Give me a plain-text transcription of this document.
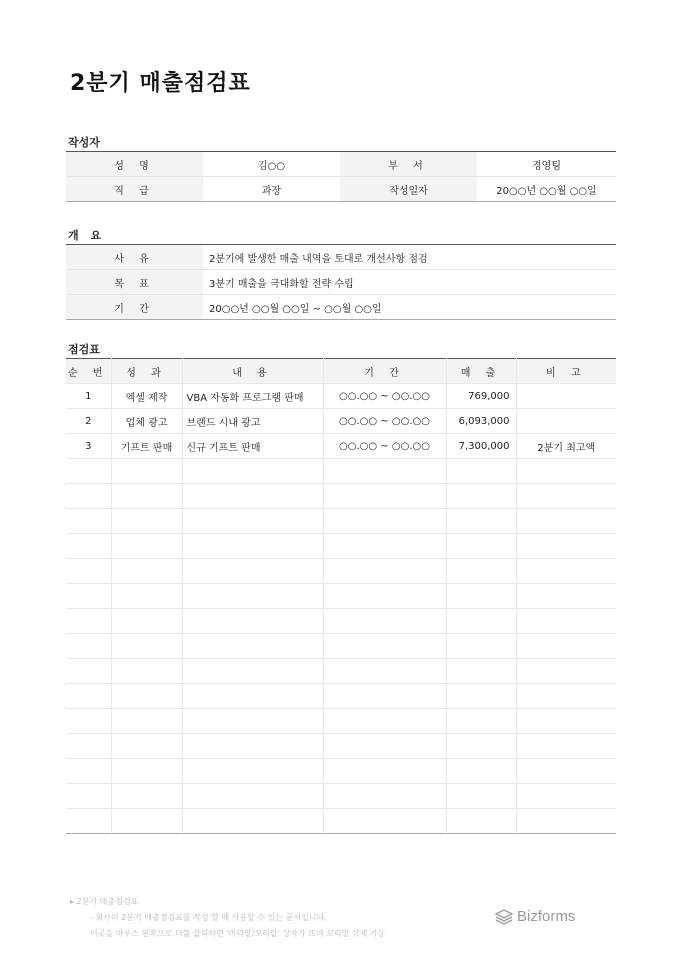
2분기 매출점검표
작성자
성 명	김○○	부 서	경영팀
직 급	과장	작성일자	20○○년 ○○월 ○○일
개 요
사 유	2분기에 발생한 매출 내역을 토대로 개선사항 점검
목 표	3분기 매출을 극대화할 전략 수립
기 간	20○○년 ○○월 ○○일 ~ ○○월 ○○일
점검표
순 번	성 과	내 용	기 간	매 출	비 고
1	엑셀 제작	VBA 자동화 프로그램 판매	○○.○○ ~ ○○.○○	769,000	
2	업체 광고	브랜드 시내 광고	○○.○○ ~ ○○.○○	6,093,000	
3	기프트 판매	신규 기프트 판매	○○.○○ ~ ○○.○○	7,300,000	2분기 최고액

▸ 2분기 매출점검표
- 회사의 2분기 매출점검표를 작성 할 때 사용할 수 있는 문서입니다.
이곳을 마우스 왼쪽으로 더블 클릭하면 '머리말/꼬리말' 상자가 뜨며 꼬리말 삭제 가능
Bizforms
